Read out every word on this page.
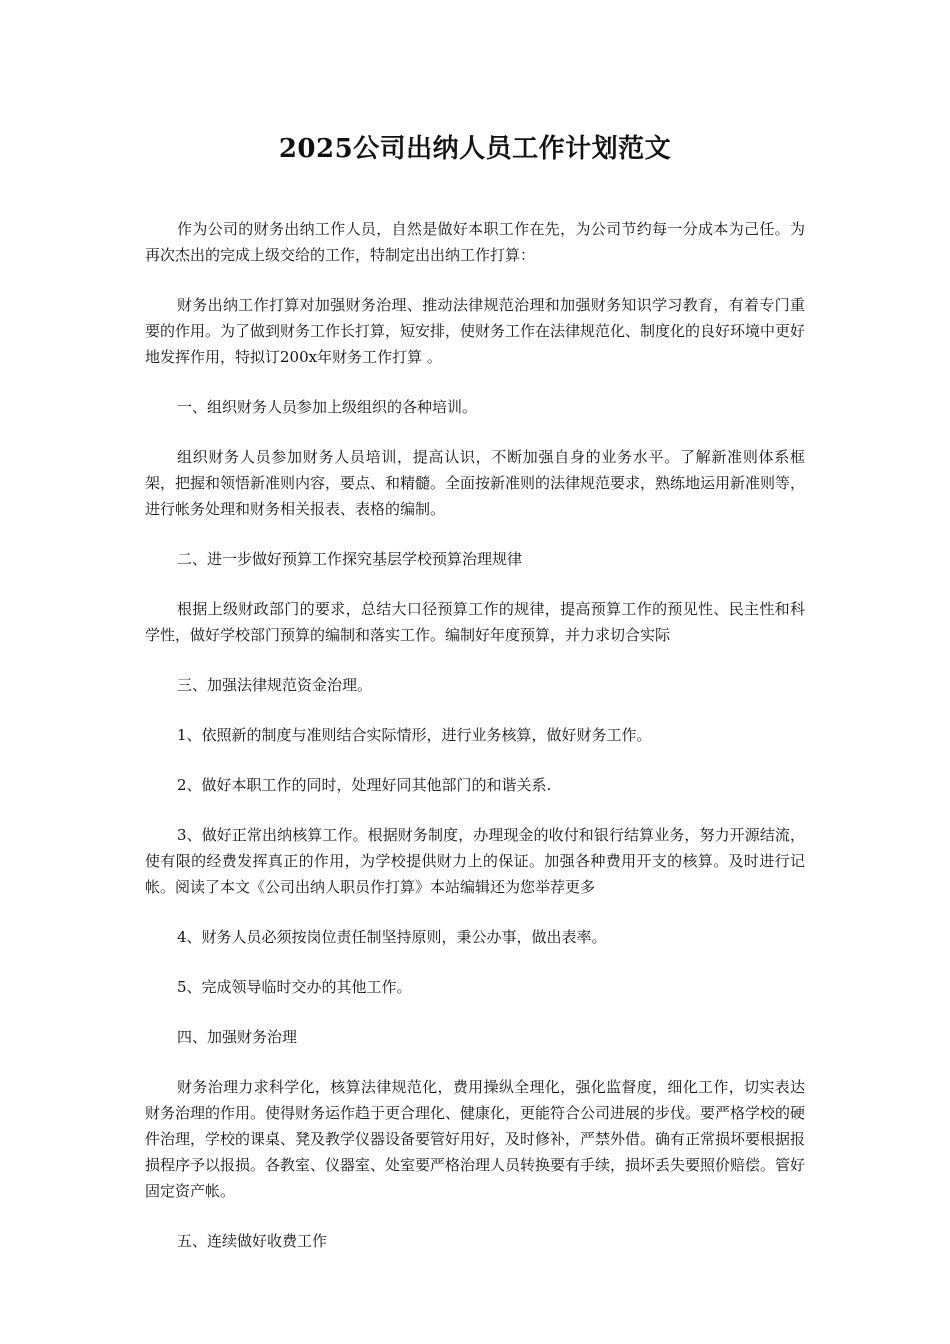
2025公司出纳人员工作计划范文

作为公司的财务出纳工作人员，自然是做好本职工作在先，为公司节约每一分成本为己任。为再次杰出的完成上级交给的工作，特制定出出纳工作打算：

财务出纳工作打算对加强财务治理、推动法律规范治理和加强财务知识学习教育，有着专门重要的作用。为了做到财务工作长打算，短安排，使财务工作在法律规范化、制度化的良好环境中更好地发挥作用，特拟订200x年财务工作打算 。

一、组织财务人员参加上级组织的各种培训。

组织财务人员参加财务人员培训，提高认识，不断加强自身的业务水平。了解新准则体系框架，把握和领悟新准则内容，要点、和精髓。全面按新准则的法律规范要求，熟练地运用新准则等，进行帐务处理和财务相关报表、表格的编制。

二、进一步做好预算工作探究基层学校预算治理规律

根据上级财政部门的要求，总结大口径预算工作的规律，提高预算工作的预见性、民主性和科学性，做好学校部门预算的编制和落实工作。编制好年度预算，并力求切合实际

三、加强法律规范资金治理。

1、依照新的制度与准则结合实际情形，进行业务核算，做好财务工作。

2、做好本职工作的同时，处理好同其他部门的和谐关系.

3、做好正常出纳核算工作。根据财务制度，办理现金的收付和银行结算业务，努力开源结流，使有限的经费发挥真正的作用，为学校提供财力上的保证。加强各种费用开支的核算。及时进行记帐。阅读了本文《公司出纳人职员作打算》本站编辑还为您举荐更多

4、财务人员必须按岗位责任制坚持原则，秉公办事，做出表率。

5、完成领导临时交办的其他工作。

四、加强财务治理

财务治理力求科学化，核算法律规范化，费用操纵全理化，强化监督度，细化工作，切实表达财务治理的作用。使得财务运作趋于更合理化、健康化，更能符合公司进展的步伐。要严格学校的硬件治理，学校的课桌、凳及教学仪器设备要管好用好，及时修补，严禁外借。确有正常损坏要根据报损程序予以报损。各教室、仪器室、处室要严格治理人员转换要有手续，损坏丢失要照价赔偿。管好固定资产帐。

五、连续做好收费工作
